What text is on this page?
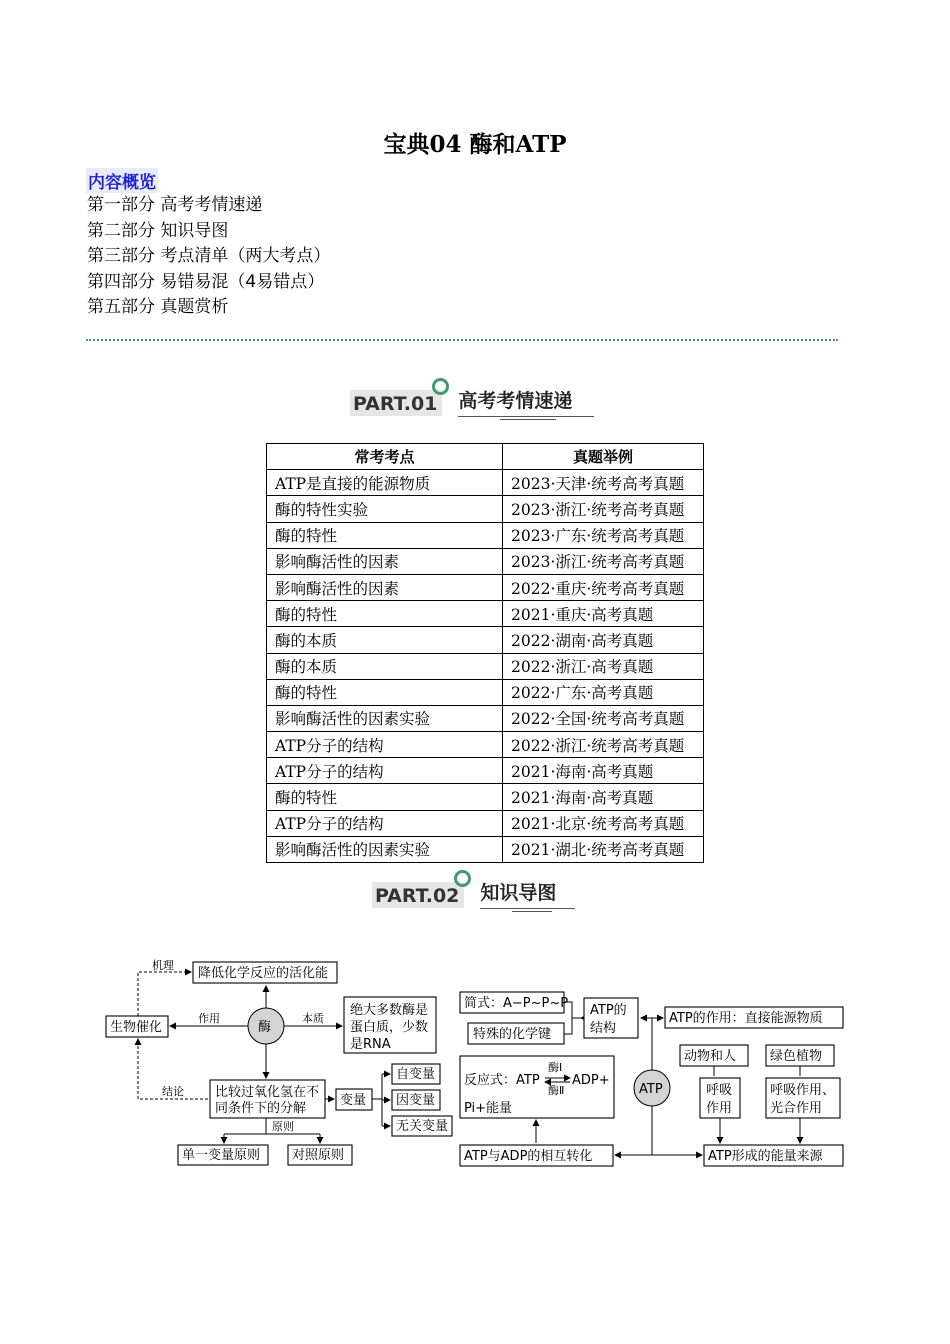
宝典04 酶和ATP
内容概览
第一部分 高考考情速递
第二部分 知识导图
第三部分 考点清单（两大考点）
第四部分 易错易混（4易错点）
第五部分 真题赏析
PART.01 高考考情速递
常考考点	真题举例
ATP是直接的能源物质	2023·天津·统考高考真题
酶的特性实验	2023·浙江·统考高考真题
酶的特性	2023·广东·统考高考真题
影响酶活性的因素	2023·浙江·统考高考真题
影响酶活性的因素	2022·重庆·统考高考真题
酶的特性	2021·重庆·高考真题
酶的本质	2022·湖南·高考真题
酶的本质	2022·浙江·高考真题
酶的特性	2022·广东·高考真题
影响酶活性的因素实验	2022·全国·统考高考真题
ATP分子的结构	2022·浙江·统考高考真题
ATP分子的结构	2021·海南·高考真题
酶的特性	2021·海南·高考真题
ATP分子的结构	2021·北京·统考高考真题
影响酶活性的因素实验	2021·湖北·统考高考真题
PART.02 知识导图
降低化学反应的活化能
机理
生物催化	酶
作用	本质
绝大多数酶是
蛋白质，少数
是RNA
结论 比较过氧化氢在不
同条件下的分解
变量
自变量
因变量
无关变量
原则
单一变量原则 对照原则
简式：A−P~P~P
特殊的化学键
ATP的
结构
ATP的作用：直接能源物质
ATP
反应式：ATP
酶Ⅰ
酶Ⅱ
ADP+
Pi+能量
ATP与ADP的相互转化	ATP形成的能量来源
动物和人	绿色植物
呼吸
作用
呼吸作用、
光合作用
